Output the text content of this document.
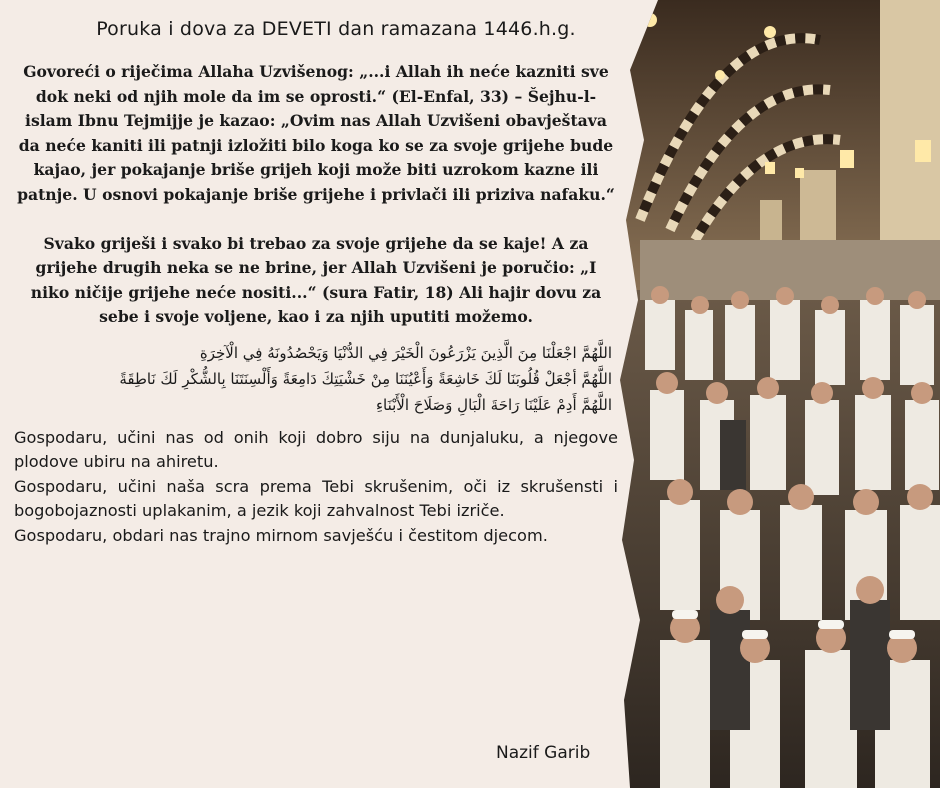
Poruka i dova za DEVETI dan ramazana 1446.h.g.

Govoreći o riječima Allaha Uzvišenog: „...i Allah ih neće kazniti sve dok neki od njih mole da im se oprosti.“ (El-Enfal, 33) – Šejhu-l-islam Ibnu Tejmijje je kazao: „Ovim nas Allah Uzvišeni obavještava da neće kaniti ili patnji izložiti bilo koga ko se za svoje grijehe bude kajao, jer pokajanje briše grijeh koji može biti uzrokom kazne ili patnje. U osnovi pokajanje briše grijehe i privlači ili priziva nafaku.“

Svako griješi i svako bi trebao za svoje grijehe da se kaje! A za grijehe drugih neka se ne brine, jer Allah Uzvišeni je poručio: „I niko ničije grijehe neće nositi...“ (sura Fatir, 18) Ali hajir dovu za sebe i svoje voljene, kao i za njih uputiti možemo.

اللَّهُمَّ اجْعَلْنَا مِنَ الَّذِينَ يَزْرَعُونَ الْخَيْرَ فِي الدُّنْيَا وَيَحْصُدُونَهُ فِي الْآخِرَةِ
اللَّهُمَّ أجْعَلْ قُلُوبَنَا لَكَ خَاشِعَةً وَأَعْيُنَنَا مِنْ خَشْيَتِكَ دَامِعَةً وَأَلْسِنَتَنَا بِالشُّكْرِ لَكَ نَاطِقَةً
اللَّهُمَّ أَدِمْ عَلَيْنَا رَاحَةَ الْبَالِ وَصَلَاحَ الْأَبْنَاءِ

Gospodaru, učini nas od onih koji dobro siju na dunjaluku, a njegove plodove ubiru na ahiretu.

Gospodaru, učini naša scra prema Tebi skrušenim, oči iz skrušensti i bogobojaznosti uplakanim, a jezik koji zahvalnost Tebi izriče.

Gospodaru, obdari nas trajno mirnom savješću i čestitom djecom.

Nazif Garib
